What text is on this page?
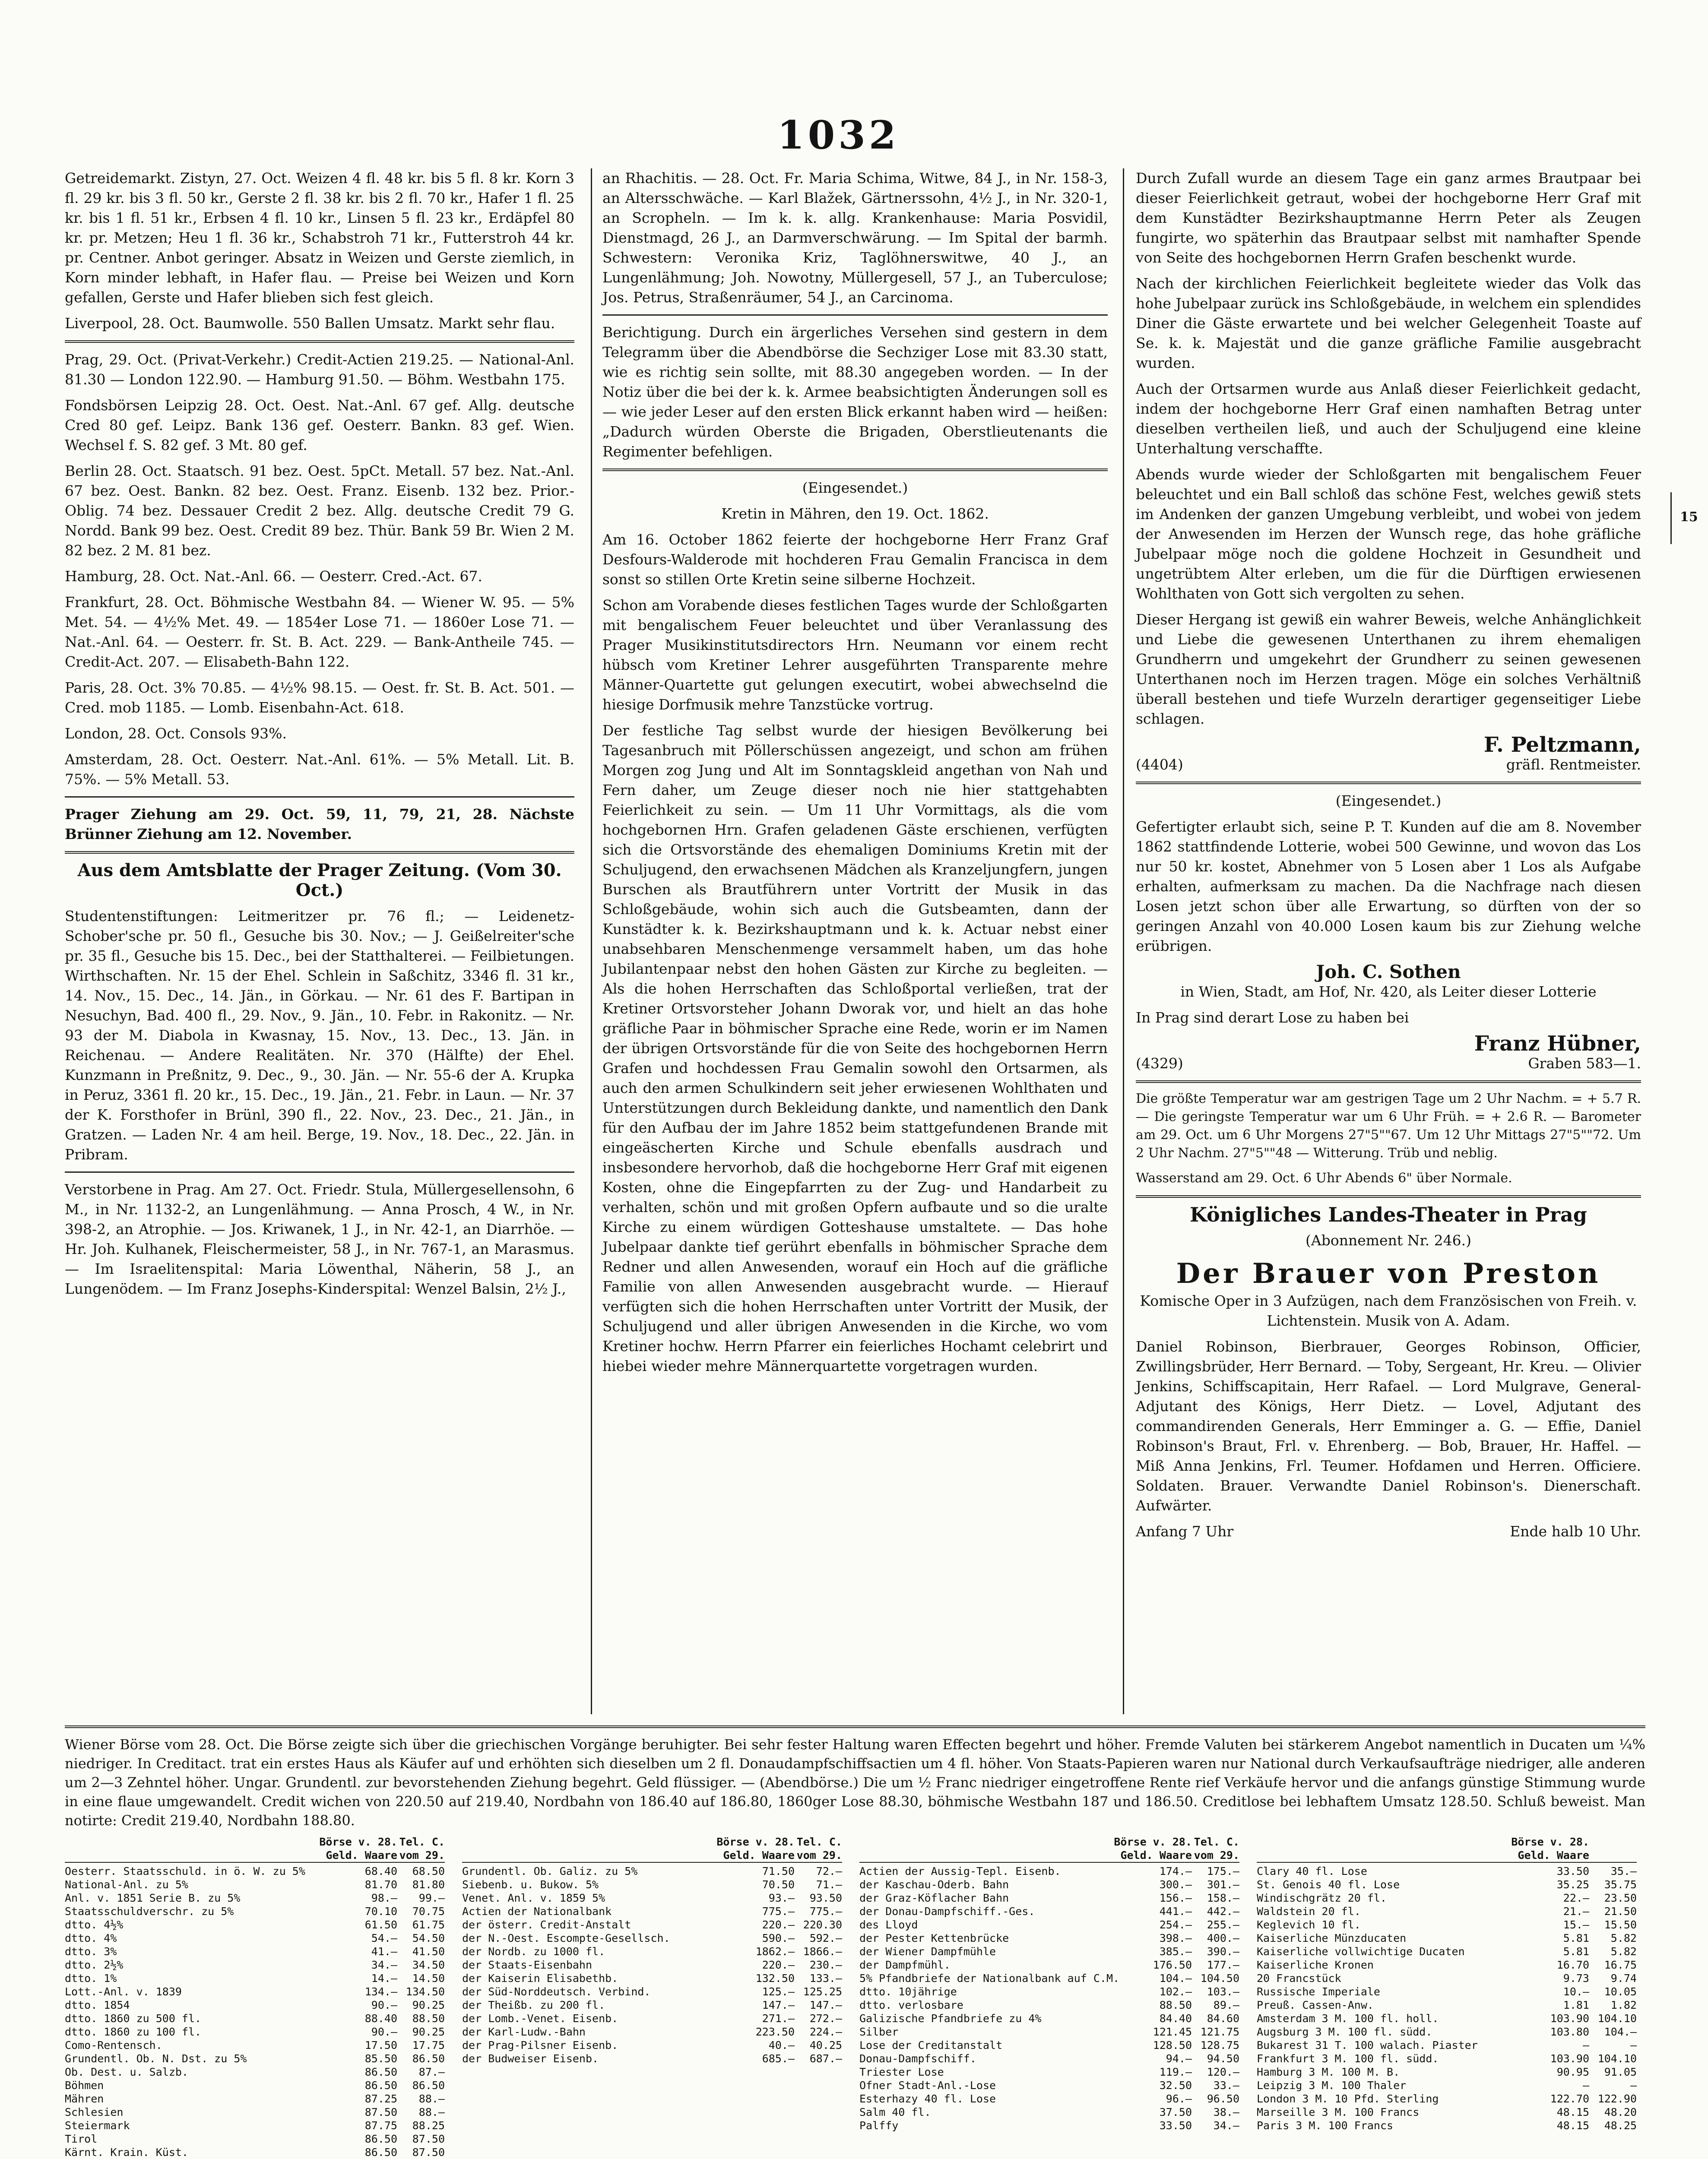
1032

Getreidemarkt. Zistyn, 27. Oct. Weizen 4 fl. 48 kr. bis 5 fl. 8 kr. Korn 3 fl. 29 kr. bis 3 fl. 50 kr., Gerste 2 fl. 38 kr. bis 2 fl. 70 kr., Hafer 1 fl. 25 kr. bis 1 fl. 51 kr., Erbsen 4 fl. 10 kr., Linsen 5 fl. 23 kr., Erdäpfel 80 kr. pr. Metzen; Heu 1 fl. 36 kr., Schabstroh 71 kr., Futterstroh 44 kr. pr. Centner. Anbot geringer. Absatz in Weizen und Gerste ziemlich, in Korn minder lebhaft, in Hafer flau. — Preise bei Weizen und Korn gefallen, Gerste und Hafer blieben sich fest gleich.

Liverpool, 28. Oct. Baumwolle. 550 Ballen Umsatz. Markt sehr flau.

Prag, 29. Oct. (Privat-Verkehr.) Credit-Actien 219.25. — National-Anl. 81.30 — London 122.90. — Hamburg 91.50. — Böhm. Westbahn 175.

Fondsbörsen Leipzig 28. Oct. Oest. Nat.-Anl. 67 gef. Allg. deutsche Cred 80 gef. Leipz. Bank 136 gef. Oesterr. Bankn. 83 gef. Wien. Wechsel f. S. 82 gef. 3 Mt. 80 gef.

Berlin 28. Oct. Staatsch. 91 bez. Oest. 5pCt. Metall. 57 bez. Nat.-Anl. 67 bez. Oest. Bankn. 82 bez. Oest. Franz. Eisenb. 132 bez. Prior.-Oblig. 74 bez. Dessauer Credit 2 bez. Allg. deutsche Credit 79 G. Nordd. Bank 99 bez. Oest. Credit 89 bez. Thür. Bank 59 Br. Wien 2 M. 82 bez. 2 M. 81 bez.

Hamburg, 28. Oct. Nat.-Anl. 66. — Oesterr. Cred.-Act. 67.

Frankfurt, 28. Oct. Böhmische Westbahn 84. — Wiener W. 95. — 5% Met. 54. — 4½% Met. 49. — 1854er Lose 71. — 1860er Lose 71. — Nat.-Anl. 64. — Oesterr. fr. St. B. Act. 229. — Bank-Antheile 745. — Credit-Act. 207. — Elisabeth-Bahn 122.

Paris, 28. Oct. 3% 70.85. — 4½% 98.15. — Oest. fr. St. B. Act. 501. — Cred. mob 1185. — Lomb. Eisenbahn-Act. 618.

London, 28. Oct. Consols 93%.

Amsterdam, 28. Oct. Oesterr. Nat.-Anl. 61%. — 5% Metall. Lit. B. 75%. — 5% Metall. 53.

Prager Ziehung am 29. Oct. 59, 11, 79, 21, 28. Nächste Brünner Ziehung am 12. November.

Aus dem Amtsblatte der Prager Zeitung. (Vom 30. Oct.)

Studentenstiftungen: Leitmeritzer pr. 76 fl.; — Leidenetz-Schober'sche pr. 50 fl., Gesuche bis 30. Nov.; — J. Geißelreiter'sche pr. 35 fl., Gesuche bis 15. Dec., bei der Statthalterei. — Feilbietungen. Wirthschaften. Nr. 15 der Ehel. Schlein in Saßchitz, 3346 fl. 31 kr., 14. Nov., 15. Dec., 14. Jän., in Görkau. — Nr. 61 des F. Bartipan in Nesuchyn, Bad. 400 fl., 29. Nov., 9. Jän., 10. Febr. in Rakonitz. — Nr. 93 der M. Diabola in Kwasnay, 15. Nov., 13. Dec., 13. Jän. in Reichenau. — Andere Realitäten. Nr. 370 (Hälfte) der Ehel. Kunzmann in Preßnitz, 9. Dec., 9., 30. Jän. — Nr. 55-6 der A. Krupka in Peruz, 3361 fl. 20 kr., 15. Dec., 19. Jän., 21. Febr. in Laun. — Nr. 37 der K. Forsthofer in Brünl, 390 fl., 22. Nov., 23. Dec., 21. Jän., in Gratzen. — Laden Nr. 4 am heil. Berge, 19. Nov., 18. Dec., 22. Jän. in Pribram.

Verstorbene in Prag. Am 27. Oct. Friedr. Stula, Müllergesellensohn, 6 M., in Nr. 1132-2, an Lungenlähmung. — Anna Prosch, 4 W., in Nr. 398-2, an Atrophie. — Jos. Kriwanek, 1 J., in Nr. 42-1, an Diarrhöe. — Hr. Joh. Kulhanek, Fleischermeister, 58 J., in Nr. 767-1, an Marasmus. — Im Israelitenspital: Maria Löwenthal, Näherin, 58 J., an Lungenödem. — Im Franz Josephs-Kinderspital: Wenzel Balsin, 2½ J.,

an Rhachitis. — 28. Oct. Fr. Maria Schima, Witwe, 84 J., in Nr. 158-3, an Altersschwäche. — Karl Blažek, Gärtnerssohn, 4½ J., in Nr. 320-1, an Scropheln. — Im k. k. allg. Krankenhause: Maria Posvidil, Dienstmagd, 26 J., an Darmverschwärung. — Im Spital der barmh. Schwestern: Veronika Kriz, Taglöhnerswitwe, 40 J., an Lungenlähmung; Joh. Nowotny, Müllergesell, 57 J., an Tuberculose; Jos. Petrus, Straßenräumer, 54 J., an Carcinoma.

Berichtigung. Durch ein ärgerliches Versehen sind gestern in dem Telegramm über die Abendbörse die Sechziger Lose mit 83.30 statt, wie es richtig sein sollte, mit 88.30 angegeben worden. — In der Notiz über die bei der k. k. Armee beabsichtigten Änderungen soll es — wie jeder Leser auf den ersten Blick erkannt haben wird — heißen: „Dadurch würden Oberste die Brigaden, Oberstlieutenants die Regimenter befehligen.

(Eingesendet.)

Kretin in Mähren, den 19. Oct. 1862.

Am 16. October 1862 feierte der hochgeborne Herr Franz Graf Desfours-Walderode mit hochderen Frau Gemalin Francisca in dem sonst so stillen Orte Kretin seine silberne Hochzeit.

Schon am Vorabende dieses festlichen Tages wurde der Schloßgarten mit bengalischem Feuer beleuchtet und über Veranlassung des Prager Musikinstitutsdirectors Hrn. Neumann vor einem recht hübsch vom Kretiner Lehrer ausgeführten Transparente mehre Männer-Quartette gut gelungen executirt, wobei abwechselnd die hiesige Dorfmusik mehre Tanzstücke vortrug.

Der festliche Tag selbst wurde der hiesigen Bevölkerung bei Tagesanbruch mit Pöllerschüssen angezeigt, und schon am frühen Morgen zog Jung und Alt im Sonntagskleid angethan von Nah und Fern daher, um Zeuge dieser noch nie hier stattgehabten Feierlichkeit zu sein. — Um 11 Uhr Vormittags, als die vom hochgebornen Hrn. Grafen geladenen Gäste erschienen, verfügten sich die Ortsvorstände des ehemaligen Dominiums Kretin mit der Schuljugend, den erwachsenen Mädchen als Kranzeljungfern, jungen Burschen als Brautführern unter Vortritt der Musik in das Schloßgebäude, wohin sich auch die Gutsbeamten, dann der Kunstädter k. k. Bezirkshauptmann und k. k. Actuar nebst einer unabsehbaren Menschenmenge versammelt haben, um das hohe Jubilantenpaar nebst den hohen Gästen zur Kirche zu begleiten. — Als die hohen Herrschaften das Schloßportal verließen, trat der Kretiner Ortsvorsteher Johann Dworak vor, und hielt an das hohe gräfliche Paar in böhmischer Sprache eine Rede, worin er im Namen der übrigen Ortsvorstände für die von Seite des hochgebornen Herrn Grafen und hochdessen Frau Gemalin sowohl den Ortsarmen, als auch den armen Schulkindern seit jeher erwiesenen Wohlthaten und Unterstützungen durch Bekleidung dankte, und namentlich den Dank für den Aufbau der im Jahre 1852 beim stattgefundenen Brande mit eingeäscherten Kirche und Schule ebenfalls ausdrach und insbesondere hervorhob, daß die hochgeborne Herr Graf mit eigenen Kosten, ohne die Eingepfarrten zu der Zug- und Handarbeit zu verhalten, schön und mit großen Opfern aufbaute und so die uralte Kirche zu einem würdigen Gotteshause umstaltete. — Das hohe Jubelpaar dankte tief gerührt ebenfalls in böhmischer Sprache dem Redner und allen Anwesenden, worauf ein Hoch auf die gräfliche Familie von allen Anwesenden ausgebracht wurde. — Hierauf verfügten sich die hohen Herrschaften unter Vortritt der Musik, der Schuljugend und aller übrigen Anwesenden in die Kirche, wo vom Kretiner hochw. Herrn Pfarrer ein feierliches Hochamt celebrirt und hiebei wieder mehre Männerquartette vorgetragen wurden.

Durch Zufall wurde an diesem Tage ein ganz armes Brautpaar bei dieser Feierlichkeit getraut, wobei der hochgeborne Herr Graf mit dem Kunstädter Bezirkshauptmanne Herrn Peter als Zeugen fungirte, wo späterhin das Brautpaar selbst mit namhafter Spende von Seite des hochgebornen Herrn Grafen beschenkt wurde.

Nach der kirchlichen Feierlichkeit begleitete wieder das Volk das hohe Jubelpaar zurück ins Schloßgebäude, in welchem ein splendides Diner die Gäste erwartete und bei welcher Gelegenheit Toaste auf Se. k. k. Majestät und die ganze gräfliche Familie ausgebracht wurden.

Auch der Ortsarmen wurde aus Anlaß dieser Feierlichkeit gedacht, indem der hochgeborne Herr Graf einen namhaften Betrag unter dieselben vertheilen ließ, und auch der Schuljugend eine kleine Unterhaltung verschaffte.

Abends wurde wieder der Schloßgarten mit bengalischem Feuer beleuchtet und ein Ball schloß das schöne Fest, welches gewiß stets im Andenken der ganzen Umgebung verbleibt, und wobei von jedem der Anwesenden im Herzen der Wunsch rege, das hohe gräfliche Jubelpaar möge noch die goldene Hochzeit in Gesundheit und ungetrübtem Alter erleben, um die für die Dürftigen erwiesenen Wohlthaten von Gott sich vergolten zu sehen.

Dieser Hergang ist gewiß ein wahrer Beweis, welche Anhänglichkeit und Liebe die gewesenen Unterthanen zu ihrem ehemaligen Grundherrn und umgekehrt der Grundherr zu seinen gewesenen Unterthanen noch im Herzen tragen. Möge ein solches Verhältniß überall bestehen und tiefe Wurzeln derartiger gegenseitiger Liebe schlagen.

F. Peltzmann,
(4404)	gräfl. Rentmeister.

(Eingesendet.)

Gefertigter erlaubt sich, seine P. T. Kunden auf die am 8. November 1862 stattfindende Lotterie, wobei 500 Gewinne, und wovon das Los nur 50 kr. kostet, Abnehmer von 5 Losen aber 1 Los als Aufgabe erhalten, aufmerksam zu machen. Da die Nachfrage nach diesen Losen jetzt schon über alle Erwartung, so dürften von der so geringen Anzahl von 40.000 Losen kaum bis zur Ziehung welche erübrigen.

Joh. C. Sothen

in Wien, Stadt, am Hof, Nr. 420, als Leiter dieser Lotterie

In Prag sind derart Lose zu haben bei

Franz Hübner,
(4329)	Graben 583—1.

Die größte Temperatur war am gestrigen Tage um 2 Uhr Nachm. = + 5.7 R. — Die geringste Temperatur war um 6 Uhr Früh. = + 2.6 R. — Barometer am 29. Oct. um 6 Uhr Morgens 27"5""67. Um 12 Uhr Mittags 27"5""72. Um 2 Uhr Nachm. 27"5""48 — Witterung. Trüb und neblig.

Wasserstand am 29. Oct. 6 Uhr Abends 6" über Normale.

Königliches Landes-Theater in Prag

(Abonnement Nr. 246.)

Der Brauer von Preston

Komische Oper in 3 Aufzügen, nach dem Französischen von Freih. v. Lichtenstein. Musik von A. Adam.

Daniel Robinson, Bierbrauer, Georges Robinson, Officier, Zwillingsbrüder, Herr Bernard. — Toby, Sergeant, Hr. Kreu. — Olivier Jenkins, Schiffscapitain, Herr Rafael. — Lord Mulgrave, General-Adjutant des Königs, Herr Dietz. — Lovel, Adjutant des commandirenden Generals, Herr Emminger a. G. — Effie, Daniel Robinson's Braut, Frl. v. Ehrenberg. — Bob, Brauer, Hr. Haffel. — Miß Anna Jenkins, Frl. Teumer. Hofdamen und Herren. Officiere. Soldaten. Brauer. Verwandte Daniel Robinson's. Dienerschaft. Aufwärter.

Anfang 7 Uhr	Ende halb 10 Uhr.

Wiener Börse vom 28. Oct. Die Börse zeigte sich über die griechischen Vorgänge beruhigter. Bei sehr fester Haltung waren Effecten begehrt und höher. Fremde Valuten bei stärkerem Angebot namentlich in Ducaten um ¼% niedriger. In Creditact. trat ein erstes Haus als Käufer auf und erhöhten sich dieselben um 2 fl. Donaudampfschiffsactien um 4 fl. höher. Von Staats-Papieren waren nur National durch Verkaufsaufträge niedriger, alle anderen um 2—3 Zehntel höher. Ungar. Grundentl. zur bevorstehenden Ziehung begehrt. Geld flüssiger. — (Abendbörse.) Die um ½ Franc niedriger eingetroffene Rente rief Verkäufe hervor und die anfangs günstige Stimmung wurde in eine flaue umgewandelt. Credit wichen von 220.50 auf 219.40, Nordbahn von 186.40 auf 186.80, 1860ger Lose 88.30, böhmische Westbahn 187 und 186.50. Creditlose bei lebhaftem Umsatz 128.50. Schluß beweist. Man notirte: Credit 219.40, Nordbahn 188.80.

Börse v. 28. Geld. Waare
Tel. C. vom 29.
Oesterr. Staatsschuld. in ö. W. zu 5%	68.40	68.50
National-Anl. zu 5%	81.70	81.80
Anl. v. 1851 Serie B. zu 5%	98.—	99.—
Staatsschuldverschr. zu 5%	70.10	70.75
dtto. 4½%	61.50	61.75
dtto. 4%	54.—	54.50
dtto. 3%	41.—	41.50
dtto. 2½%	34.—	34.50
dtto. 1%	14.—	14.50
Lott.-Anl. v. 1839	134.— 134.50
dtto. 1854	90.—	90.25
dtto. 1860 zu 500 fl.	88.40	88.50
dtto. 1860 zu 100 fl.	90.—	90.25
Como-Rentensch.	17.50	17.75
Grundentl. Ob. N. Dst. zu 5%	85.50	86.50
Ob. Dest. u. Salzb.	86.50	87.—
Böhmen	86.50	86.50
Mähren	87.25	88.—
Schlesien	87.50	88.—
Steiermark	87.75	88.25
Tirol	86.50	87.50
Kärnt. Krain. Küst.	86.50	87.50
Börse v. 28. Geld. Waare
Tel. C. vom 29.
Grundentl. Ob. Galiz. zu 5%	71.50	72.—
Siebenb. u. Bukow. 5%	70.50	71.—
Venet. Anl. v. 1859 5%	93.—	93.50
Actien der Nationalbank	775.—	775.—
der österr. Credit-Anstalt	220.— 220.30
der N.-Oest. Escompte-Gesellsch.	590.—	592.—
der Nordb. zu 1000 fl.	1862.— 1866.—
der Staats-Eisenbahn	220.—	230.—
der Kaiserin Elisabethb.	132.50	133.—
der Süd-Norddeutsch. Verbind.	125.— 125.25
der Theißb. zu 200 fl.	147.—	147.—
der Lomb.-Venet. Eisenb.	271.—	272.—
der Karl-Ludw.-Bahn	223.50	224.—
der Prag-Pilsner Eisenb.	40.—	40.25
der Budweiser Eisenb.	685.—	687.—
Börse v. 28. Geld. Waare
Tel. C. vom 29.
Actien der Aussig-Tepl. Eisenb.	174.—	175.—
der Kaschau-Oderb. Bahn	300.—	301.—
der Graz-Köflacher Bahn	156.—	158.—
der Donau-Dampfschiff.-Ges.	441.—	442.—
des Lloyd	254.—	255.—
der Pester Kettenbrücke	398.—	400.—
der Wiener Dampfmühle	385.—	390.—
der Dampfmühl.	176.50	177.—
5% Pfandbriefe der Nationalbank auf C.M.	104.— 104.50
dtto. 10jährige	102.—	103.—
dtto. verlosbare	88.50	89.—
Galizische Pfandbriefe zu 4%	84.40	84.60
Silber	121.45 121.75
Lose der Creditanstalt	128.50 128.75
Donau-Dampfschiff.	94.—	94.50
Triester Lose	119.—	120.—
Ofner Stadt-Anl.-Lose	32.50	33.—
Esterhazy 40 fl. Lose	96.—	96.50
Salm 40 fl.	37.50	38.—
Palffy	33.50	34.—
Börse v. 28. Geld. Waare
Clary 40 fl. Lose	33.50	35.—
St. Genois 40 fl. Lose	35.25	35.75
Windischgrätz 20 fl.	22.—	23.50
Waldstein 20 fl.	21.—	21.50
Keglevich 10 fl.	15.—	15.50
Kaiserliche Münzducaten	5.81	5.82
Kaiserliche vollwichtige Ducaten	5.81	5.82
Kaiserliche Kronen	16.70	16.75
20 Francstück	9.73	9.74
Russische Imperiale	10.—	10.05
Preuß. Cassen-Anw.	1.81	1.82
Amsterdam 3 M. 100 fl. holl.	103.90 104.10
Augsburg 3 M. 100 fl. südd.	103.80	104.—
Bukarest 31 T. 100 walach. Piaster	—	—
Frankfurt 3 M. 100 fl. südd.	103.90 104.10
Hamburg 3 M. 100 M. B.	90.95	91.05
Leipzig 3 M. 100 Thaler	—	—
London 3 M. 10 Pfd. Sterling	122.70 122.90
Marseille 3 M. 100 Francs	48.15	48.20
Paris 3 M. 100 Francs	48.15	48.25
15
